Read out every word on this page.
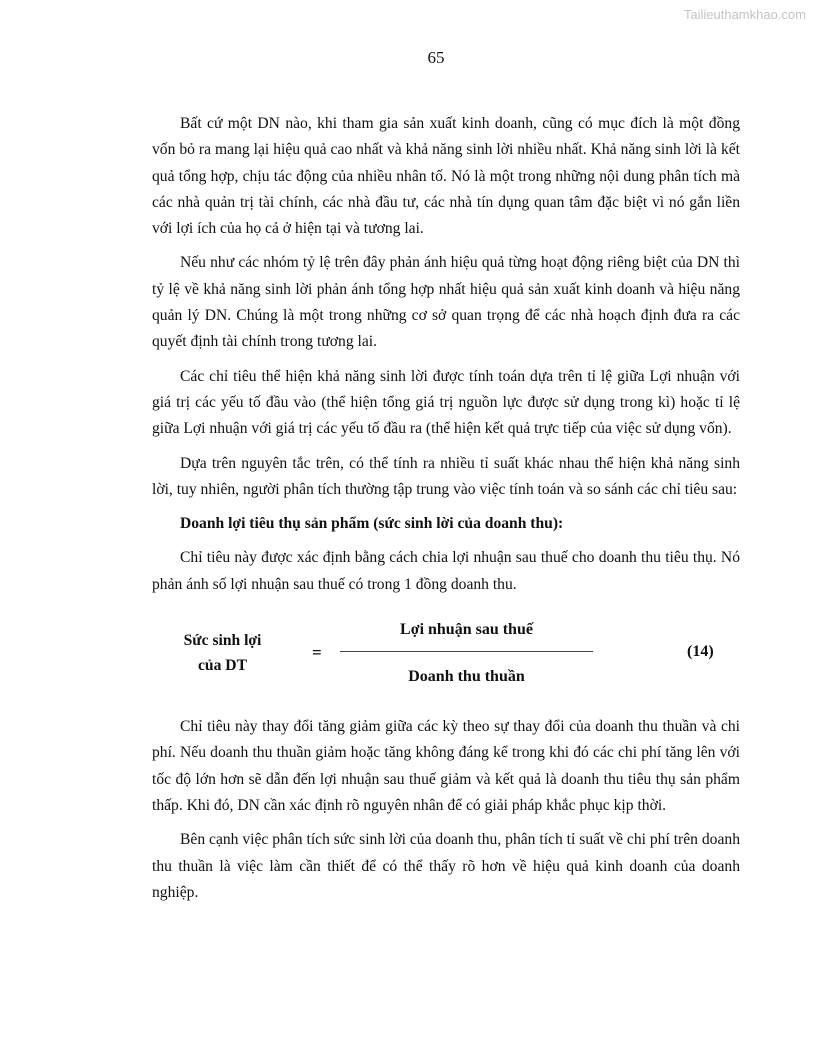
Tailieuthamkhao.com
65

Bất cứ một DN nào, khi tham gia sản xuất kinh doanh, cũng có mục đích là một đồng vốn bỏ ra mang lại hiệu quả cao nhất và khả năng sinh lời nhiều nhất. Khả năng sinh lời là kết quả tổng hợp, chịu tác động của nhiều nhân tố. Nó là một trong những nội dung phân tích mà các nhà quản trị tài chính, các nhà đầu tư, các nhà tín dụng quan tâm đặc biệt vì nó gắn liền với lợi ích của họ cả ở hiện tại và tương lai.

Nếu như các nhóm tỷ lệ trên đây phản ánh hiệu quả từng hoạt động riêng biệt của DN thì tỷ lệ về khả năng sinh lời phản ánh tổng hợp nhất hiệu quả sản xuất kinh doanh và hiệu năng quản lý DN. Chúng là một trong những cơ sở quan trọng để các nhà hoạch định đưa ra các quyết định tài chính trong tương lai.

Các chỉ tiêu thể hiện khả năng sinh lời được tính toán dựa trên tỉ lệ giữa Lợi nhuận với giá trị các yếu tố đầu vào (thể hiện tổng giá trị nguồn lực được sử dụng trong kì) hoặc tỉ lệ giữa Lợi nhuận với giá trị các yếu tố đầu ra (thể hiện kết quả trực tiếp của việc sử dụng vốn).

Dựa trên nguyên tắc trên, có thể tính ra nhiều tỉ suất khác nhau thể hiện khả năng sinh lời, tuy nhiên, người phân tích thường tập trung vào việc tính toán và so sánh các chỉ tiêu sau:

Doanh lợi tiêu thụ sản phẩm (sức sinh lời của doanh thu):

Chỉ tiêu này được xác định bằng cách chia lợi nhuận sau thuế cho doanh thu tiêu thụ. Nó phản ánh số lợi nhuận sau thuế có trong 1 đồng doanh thu.

Sức sinh lợi
của DT
=
Lợi nhuận sau thuế
Doanh thu thuần
(14)

Chỉ tiêu này thay đổi tăng giảm giữa các kỳ theo sự thay đổi của doanh thu thuần và chi phí. Nếu doanh thu thuần giảm hoặc tăng không đáng kể trong khi đó các chi phí tăng lên với tốc độ lớn hơn sẽ dẫn đến lợi nhuận sau thuế giảm và kết quả là doanh thu tiêu thụ sản phẩm thấp. Khi đó, DN cần xác định rõ nguyên nhân để có giải pháp khắc phục kịp thời.

Bên cạnh việc phân tích sức sinh lời của doanh thu, phân tích tỉ suất về chi phí trên doanh thu thuần là việc làm cần thiết để có thể thấy rõ hơn về hiệu quả kinh doanh của doanh nghiệp.
